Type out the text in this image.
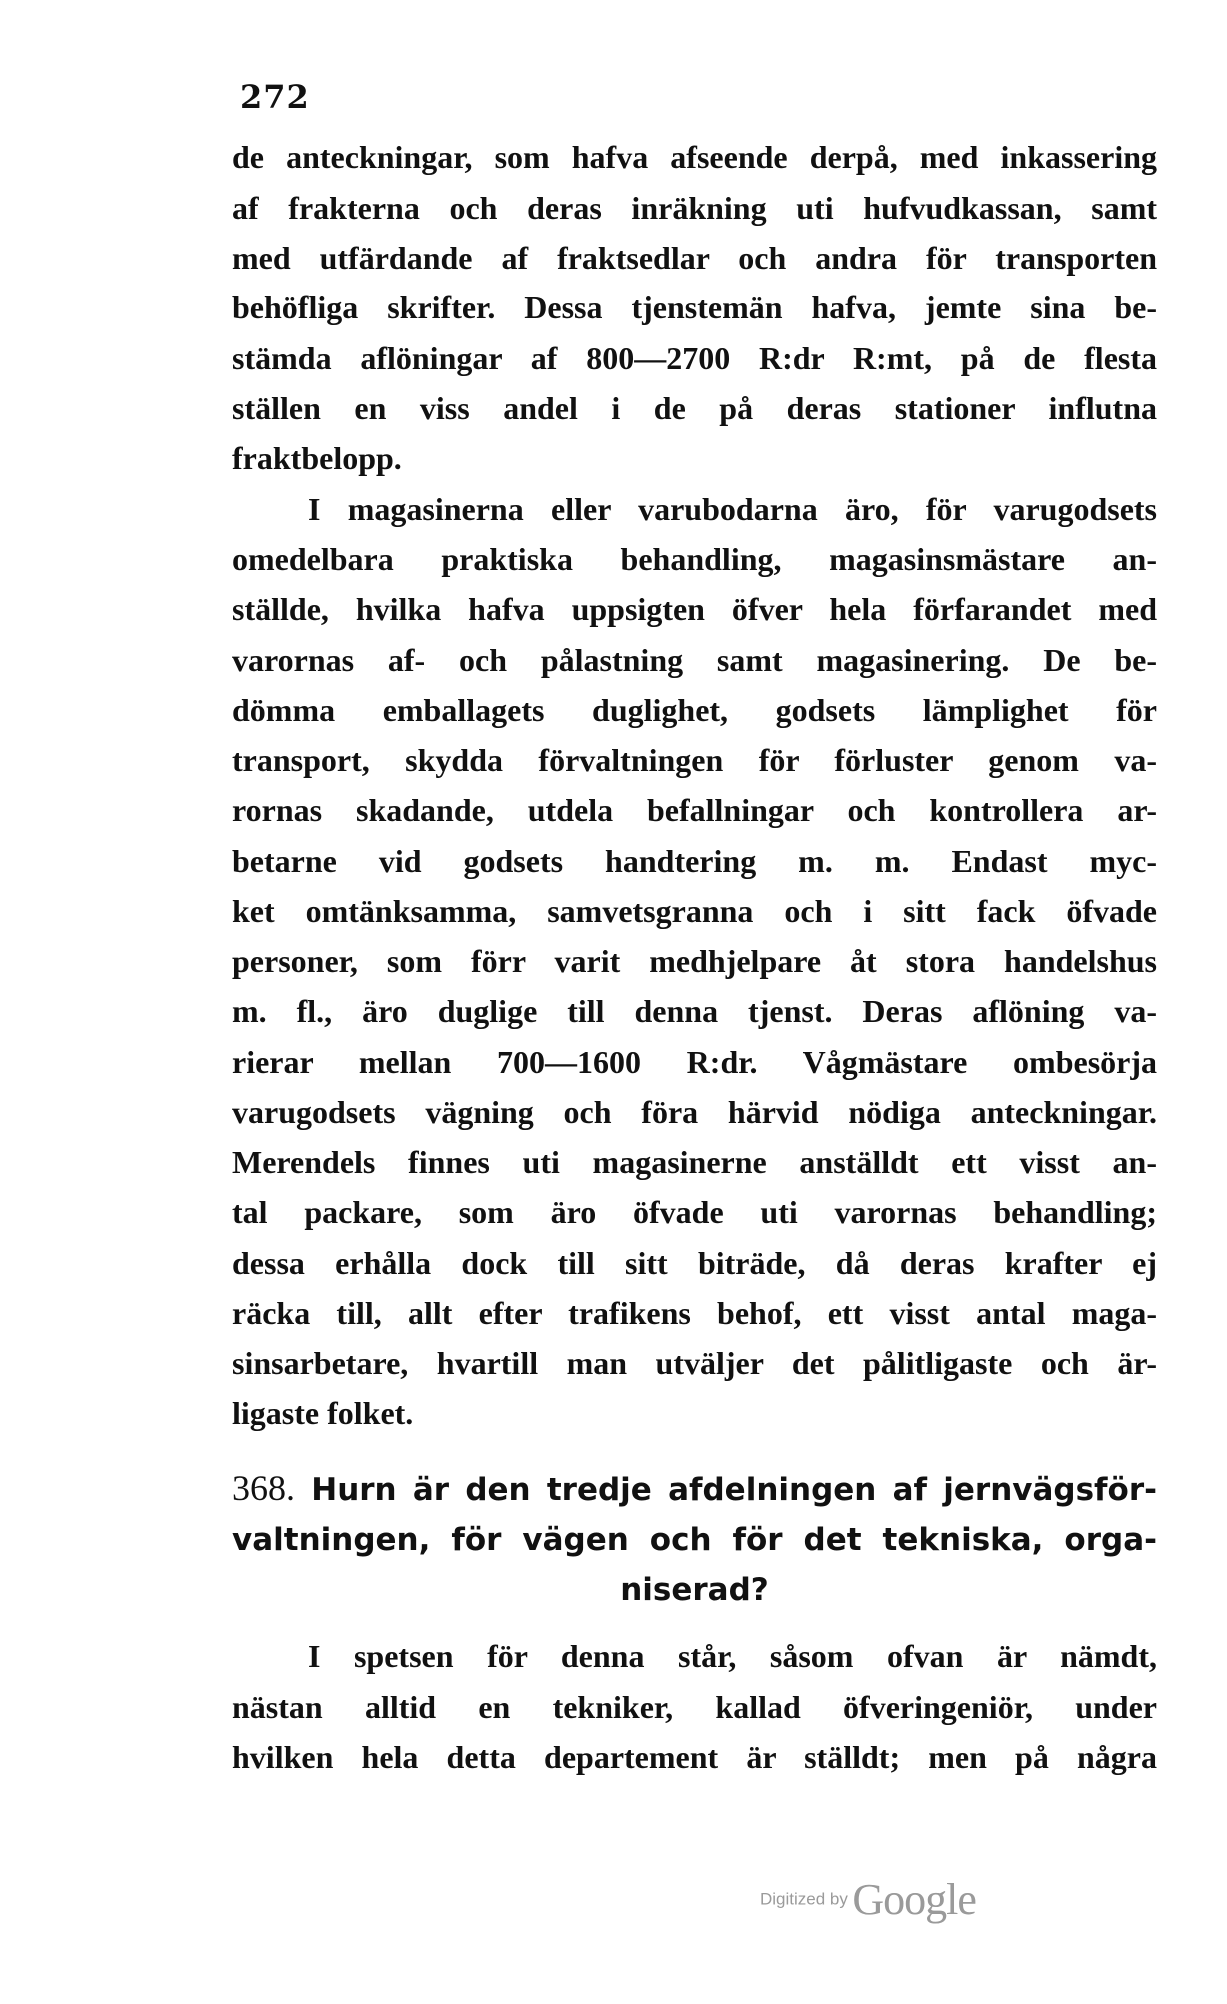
272
de anteckningar, som hafva afseende derpå, med inkassering
af frakterna och deras inräkning uti hufvudkassan, samt
med utfärdande af fraktsedlar och andra för transporten
behöfliga skrifter. Dessa tjenstemän hafva, jemte sina be-
stämda aflöningar af 800—2700 R:dr R:mt, på de flesta
ställen en viss andel i de på deras stationer influtna
fraktbelopp.
I magasinerna eller varubodarna äro, för varugodsets
omedelbara praktiska behandling, magasinsmästare an-
ställde, hvilka hafva uppsigten öfver hela förfarandet med
varornas af- och pålastning samt magasinering. De be-
dömma emballagets duglighet, godsets lämplighet för
transport, skydda förvaltningen för förluster genom va-
rornas skadande, utdela befallningar och kontrollera ar-
betarne vid godsets handtering m. m. Endast myc-
ket omtänksamma, samvetsgranna och i sitt fack öfvade
personer, som förr varit medhjelpare åt stora handelshus
m. fl., äro duglige till denna tjenst. Deras aflöning va-
rierar mellan 700—1600 R:dr. Vågmästare ombesörja
varugodsets vägning och föra härvid nödiga anteckningar.
Merendels finnes uti magasinerne anställdt ett visst an-
tal packare, som äro öfvade uti varornas behandling;
dessa erhålla dock till sitt biträde, då deras krafter ej
räcka till, allt efter trafikens behof, ett visst antal maga-
sinsarbetare, hvartill man utväljer det pålitligaste och är-
ligaste folket.
368. Hurn är den tredje afdelningen af jernvägsför-
valtningen, för vägen och för det tekniska, orga-
niserad?
I spetsen för denna står, såsom ofvan är nämdt,
nästan alltid en tekniker, kallad öfveringeniör, under
hvilken hela detta departement är ställdt; men på några
Digitized by Google
